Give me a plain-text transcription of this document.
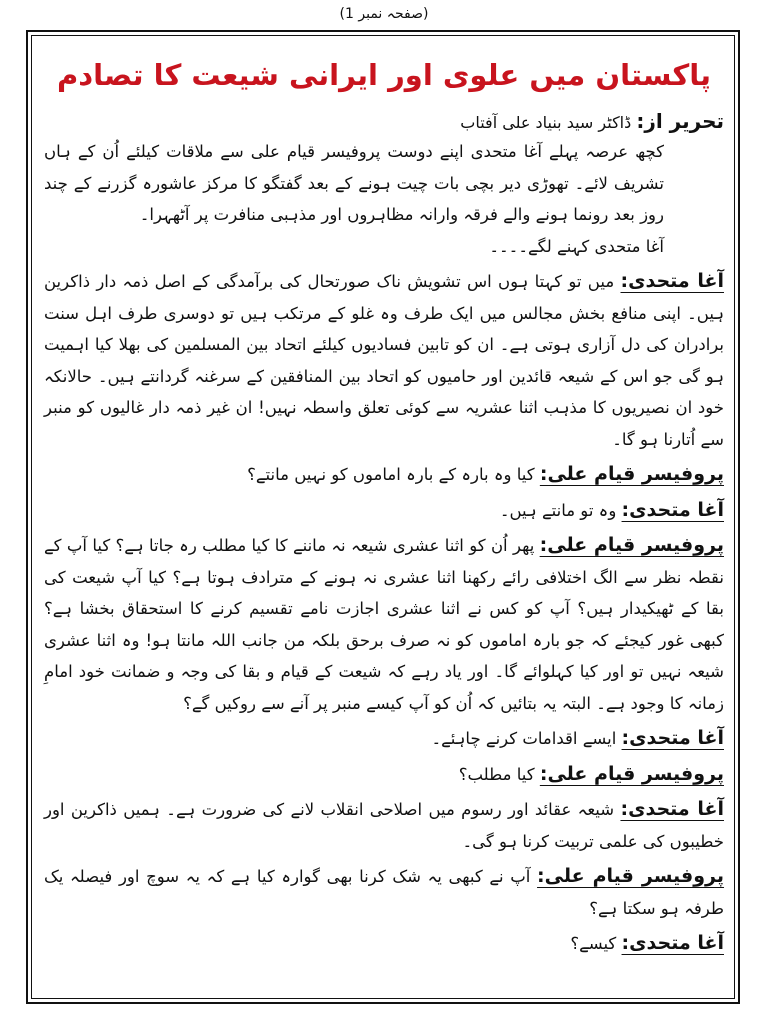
(صفحہ نمبر 1)
پاکستان میں علوی اور ایرانی شیعت کا تصادم
تحریر از: ڈاکٹر سید بنیاد علی آفتاب
کچھ عرصہ پہلے آغا متحدی اپنے دوست پروفیسر قیام علی سے ملاقات کیلئے اُن کے ہاں تشریف لائے۔ تھوڑی دیر بچی بات چیت ہونے کے بعد گفتگو کا مرکز عاشورہ گزرنے کے چند روز بعد رونما ہونے والے فرقہ وارانہ مظاہروں اور مذہبی منافرت پر آٹھہرا۔
آغا متحدی کہنے لگے۔۔۔۔
آغا متحدی: میں تو کہتا ہوں اس تشویش ناک صورتحال کی برآمدگی کے اصل ذمہ دار ذاکرین ہیں۔ اپنی منافع بخش مجالس میں ایک طرف وہ غلو کے مرتکب ہیں تو دوسری طرف اہل سنت برادران کی دل آزاری ہوتی ہے۔ ان کو تابین فسادیوں کیلئے اتحاد بین المسلمین کی بھلا کیا اہمیت ہو گی جو اس کے شیعہ قائدین اور حامیوں کو اتحاد بین المنافقین کے سرغنہ گردانتے ہیں۔ حالانکہ خود ان نصیریوں کا مذہب اثنا عشریہ سے کوئی تعلق واسطہ نہیں! ان غیر ذمہ دار غالیوں کو منبر سے اُتارنا ہو گا۔
پروفیسر قیام علی: کیا وہ بارہ کے بارہ اماموں کو نہیں مانتے؟
آغا متحدی: وہ تو مانتے ہیں۔
پروفیسر قیام علی: پھر اُن کو اثنا عشری شیعہ نہ ماننے کا کیا مطلب رہ جاتا ہے؟ کیا آپ کے نقطہ نظر سے الگ اختلافی رائے رکھنا اثنا عشری نہ ہونے کے مترادف ہوتا ہے؟ کیا آپ شیعت کی بقا کے ٹھیکیدار ہیں؟ آپ کو کس نے اثنا عشری اجازت نامے تقسیم کرنے کا استحقاق بخشا ہے؟ کبھی غور کیجئے کہ جو بارہ اماموں کو نہ صرف برحق بلکہ من جانب اللہ مانتا ہو! وہ اثنا عشری شیعہ نہیں تو اور کیا کہلوائے گا۔ اور یاد رہے کہ شیعت کے قیام و بقا کی وجہ و ضمانت خود امامِ زمانہ کا وجود ہے۔ البتہ یہ بتائیں کہ اُن کو آپ کیسے منبر پر آنے سے روکیں گے؟
آغا متحدی: ایسے اقدامات کرنے چاہئے۔
پروفیسر قیام علی: کیا مطلب؟
آغا متحدی: شیعہ عقائد اور رسوم میں اصلاحی انقلاب لانے کی ضرورت ہے۔ ہمیں ذاکرین اور خطیبوں کی علمی تربیت کرنا ہو گی۔
پروفیسر قیام علی: آپ نے کبھی یہ شک کرنا بھی گوارہ کیا ہے کہ یہ سوچ اور فیصلہ یک طرفہ ہو سکتا ہے؟
آغا متحدی: کیسے؟
